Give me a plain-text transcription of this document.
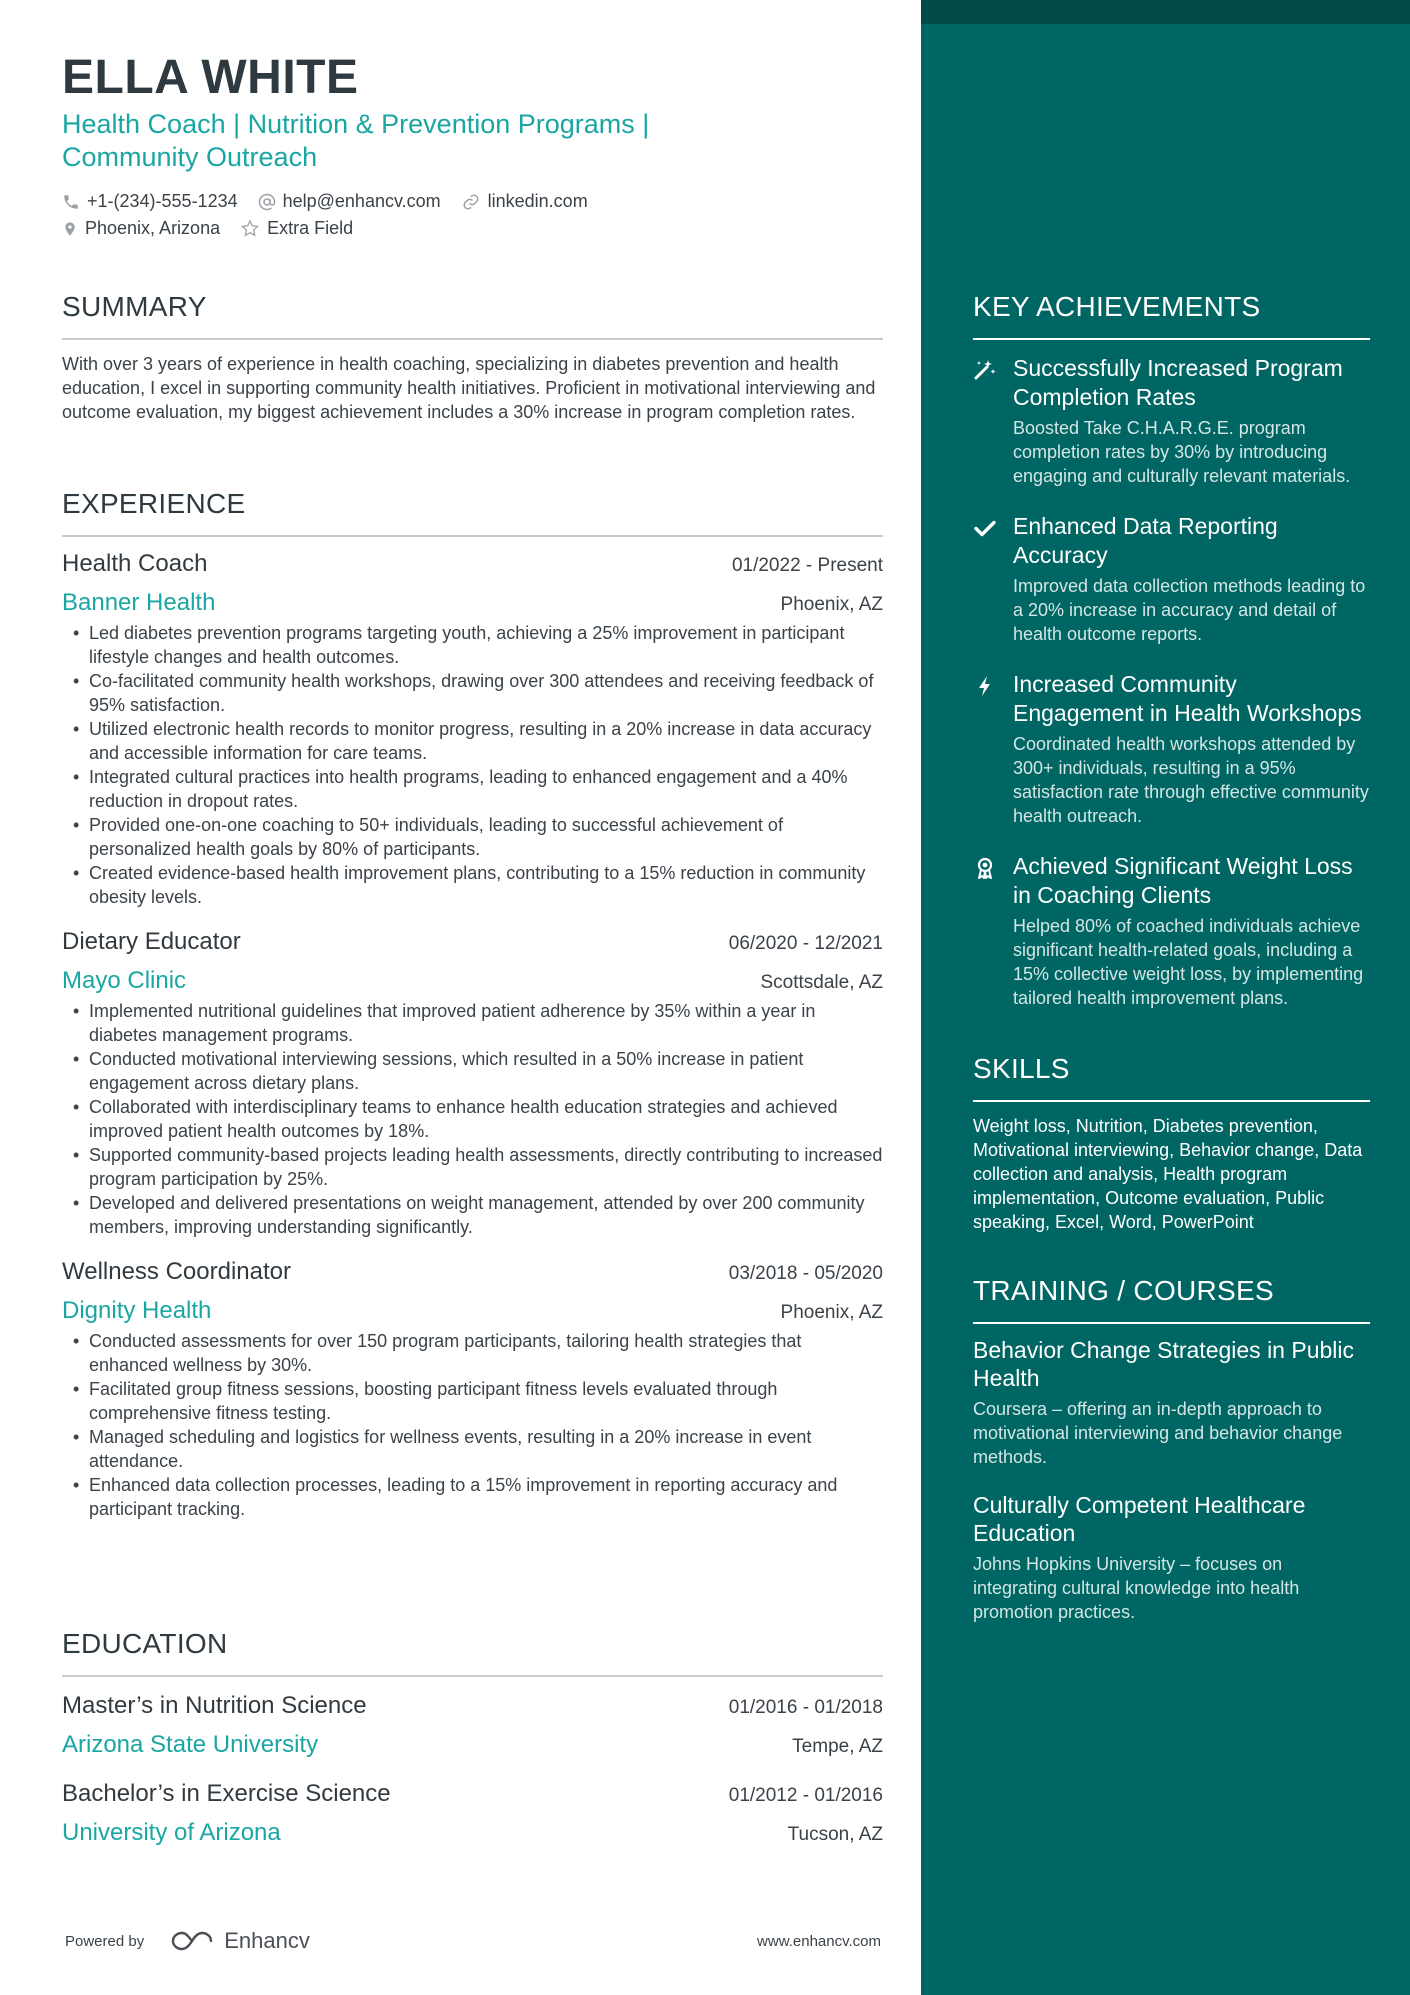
ELLA WHITE
Health Coach | Nutrition & Prevention Programs | Community Outreach
+1-(234)-555-1234	help@enhancv.com	linkedin.com
Phoenix, Arizona	Extra Field
SUMMARY
With over 3 years of experience in health coaching, specializing in diabetes prevention and health education, I excel in supporting community health initiatives. Proficient in motivational interviewing and outcome evaluation, my biggest achievement includes a 30% increase in program completion rates.
EXPERIENCE
Health Coach	01/2022 - Present
Banner Health	Phoenix, AZ
• Led diabetes prevention programs targeting youth, achieving a 25% improvement in participant lifestyle changes and health outcomes.
• Co-facilitated community health workshops, drawing over 300 attendees and receiving feedback of 95% satisfaction.
• Utilized electronic health records to monitor progress, resulting in a 20% increase in data accuracy and accessible information for care teams.
• Integrated cultural practices into health programs, leading to enhanced engagement and a 40% reduction in dropout rates.
• Provided one-on-one coaching to 50+ individuals, leading to successful achievement of personalized health goals by 80% of participants.
• Created evidence-based health improvement plans, contributing to a 15% reduction in community obesity levels.
Dietary Educator	06/2020 - 12/2021
Mayo Clinic	Scottsdale, AZ
• Implemented nutritional guidelines that improved patient adherence by 35% within a year in diabetes management programs.
• Conducted motivational interviewing sessions, which resulted in a 50% increase in patient engagement across dietary plans.
• Collaborated with interdisciplinary teams to enhance health education strategies and achieved improved patient health outcomes by 18%.
• Supported community-based projects leading health assessments, directly contributing to increased program participation by 25%.
• Developed and delivered presentations on weight management, attended by over 200 community members, improving understanding significantly.
Wellness Coordinator	03/2018 - 05/2020
Dignity Health	Phoenix, AZ
• Conducted assessments for over 150 program participants, tailoring health strategies that enhanced wellness by 30%.
• Facilitated group fitness sessions, boosting participant fitness levels evaluated through comprehensive fitness testing.
• Managed scheduling and logistics for wellness events, resulting in a 20% increase in event attendance.
• Enhanced data collection processes, leading to a 15% improvement in reporting accuracy and participant tracking.
EDUCATION
Master’s in Nutrition Science	01/2016 - 01/2018
Arizona State University	Tempe, AZ
Bachelor’s in Exercise Science	01/2012 - 01/2016
University of Arizona	Tucson, AZ
Powered by	Enhancv	www.enhancv.com
KEY ACHIEVEMENTS
Successfully Increased Program Completion Rates
Boosted Take C.H.A.R.G.E. program completion rates by 30% by introducing engaging and culturally relevant materials.
Enhanced Data Reporting Accuracy
Improved data collection methods leading to a 20% increase in accuracy and detail of health outcome reports.
Increased Community Engagement in Health Workshops
Coordinated health workshops attended by 300+ individuals, resulting in a 95% satisfaction rate through effective community health outreach.
Achieved Significant Weight Loss in Coaching Clients
Helped 80% of coached individuals achieve significant health-related goals, including a 15% collective weight loss, by implementing tailored health improvement plans.
SKILLS
Weight loss, Nutrition, Diabetes prevention, Motivational interviewing, Behavior change, Data collection and analysis, Health program implementation, Outcome evaluation, Public speaking, Excel, Word, PowerPoint
TRAINING / COURSES
Behavior Change Strategies in Public Health
Coursera – offering an in-depth approach to motivational interviewing and behavior change methods.
Culturally Competent Healthcare Education
Johns Hopkins University – focuses on integrating cultural knowledge into health promotion practices.
